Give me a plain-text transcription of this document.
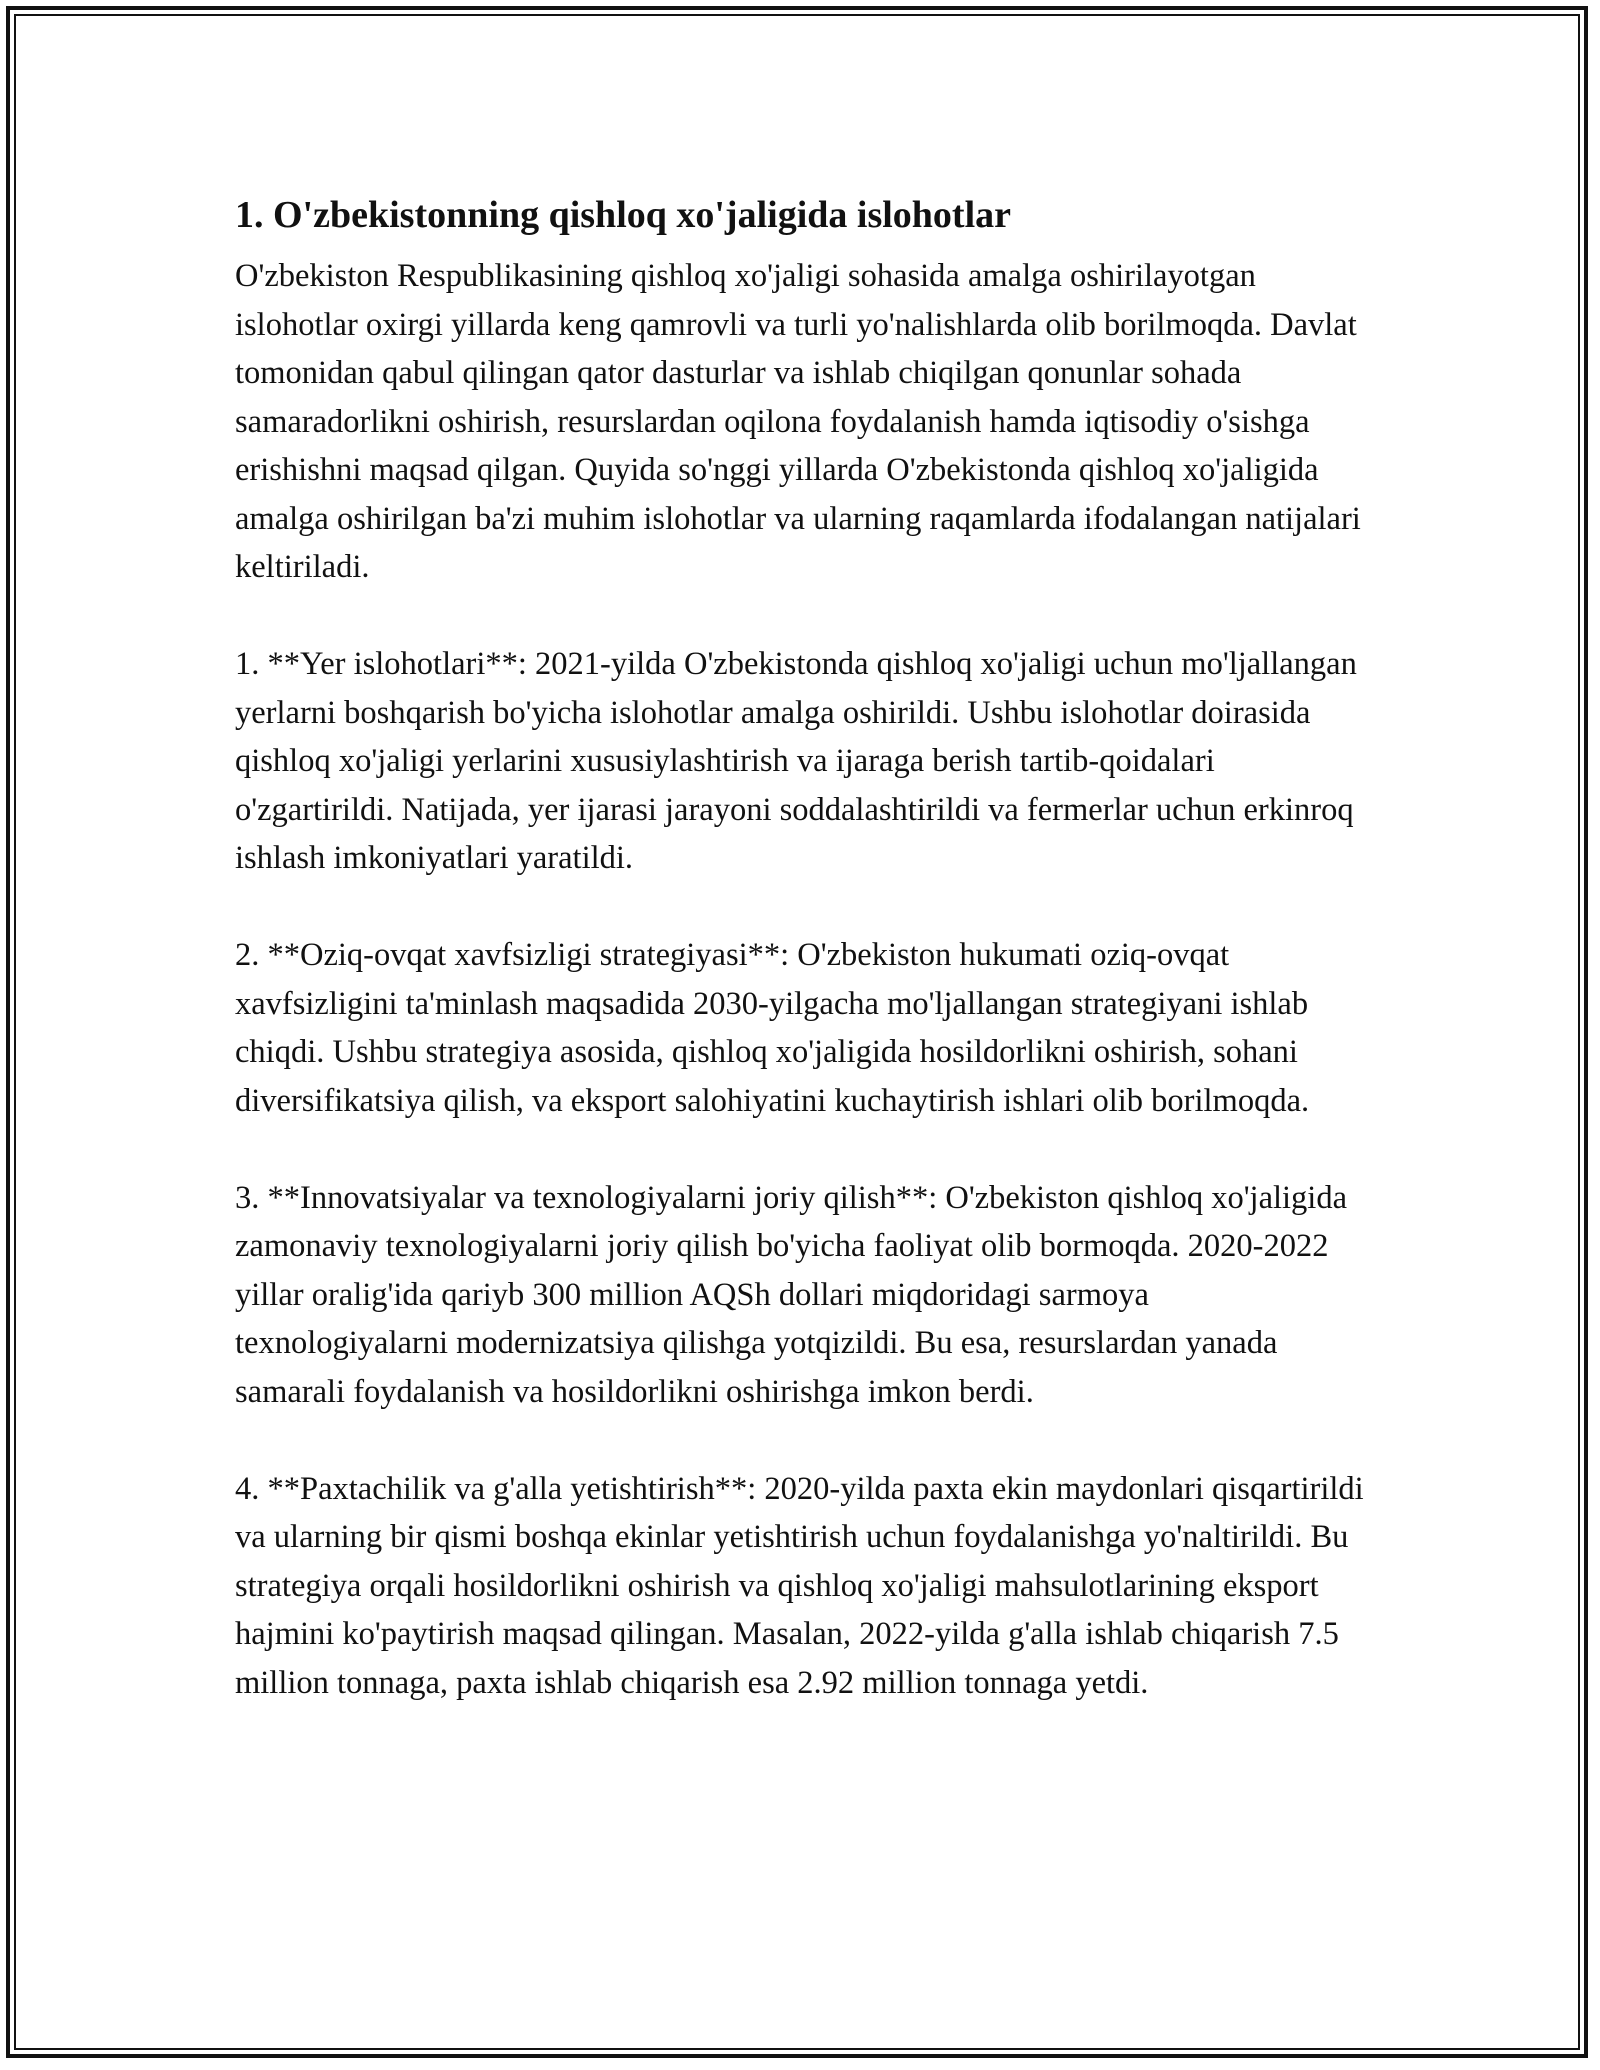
1. O'zbekistonning qishloq xo'jaligida islohotlar

O'zbekiston Respublikasining qishloq xo'jaligi sohasida amalga oshirilayotgan islohotlar oxirgi yillarda keng qamrovli va turli yo'nalishlarda olib borilmoqda. Davlat tomonidan qabul qilingan qator dasturlar va ishlab chiqilgan qonunlar sohada samaradorlikni oshirish, resurslardan oqilona foydalanish hamda iqtisodiy o'sishga erishishni maqsad qilgan. Quyida so'nggi yillarda O'zbekistonda qishloq xo'jaligida amalga oshirilgan ba'zi muhim islohotlar va ularning raqamlarda ifodalangan natijalari keltiriladi.

1. **Yer islohotlari**: 2021-yilda O'zbekistonda qishloq xo'jaligi uchun mo'ljallangan yerlarni boshqarish bo'yicha islohotlar amalga oshirildi. Ushbu islohotlar doirasida qishloq xo'jaligi yerlarini xususiylashtirish va ijaraga berish tartib-qoidalari o'zgartirildi. Natijada, yer ijarasi jarayoni soddalashtirildi va fermerlar uchun erkinroq ishlash imkoniyatlari yaratildi.

2. **Oziq-ovqat xavfsizligi strategiyasi**: O'zbekiston hukumati oziq-ovqat xavfsizligini ta'minlash maqsadida 2030-yilgacha mo'ljallangan strategiyani ishlab chiqdi. Ushbu strategiya asosida, qishloq xo'jaligida hosildorlikni oshirish, sohani diversifikatsiya qilish, va eksport salohiyatini kuchaytirish ishlari olib borilmoqda.

3. **Innovatsiyalar va texnologiyalarni joriy qilish**: O'zbekiston qishloq xo'jaligida zamonaviy texnologiyalarni joriy qilish bo'yicha faoliyat olib bormoqda. 2020-2022 yillar oralig'ida qariyb 300 million AQSh dollari miqdoridagi sarmoya texnologiyalarni modernizatsiya qilishga yotqizildi. Bu esa, resurslardan yanada samarali foydalanish va hosildorlikni oshirishga imkon berdi.

4. **Paxtachilik va g'alla yetishtirish**: 2020-yilda paxta ekin maydonlari qisqartirildi va ularning bir qismi boshqa ekinlar yetishtirish uchun foydalanishga yo'naltirildi. Bu strategiya orqali hosildorlikni oshirish va qishloq xo'jaligi mahsulotlarining eksport hajmini ko'paytirish maqsad qilingan. Masalan, 2022-yilda g'alla ishlab chiqarish 7.5 million tonnaga, paxta ishlab chiqarish esa 2.92 million tonnaga yetdi.
